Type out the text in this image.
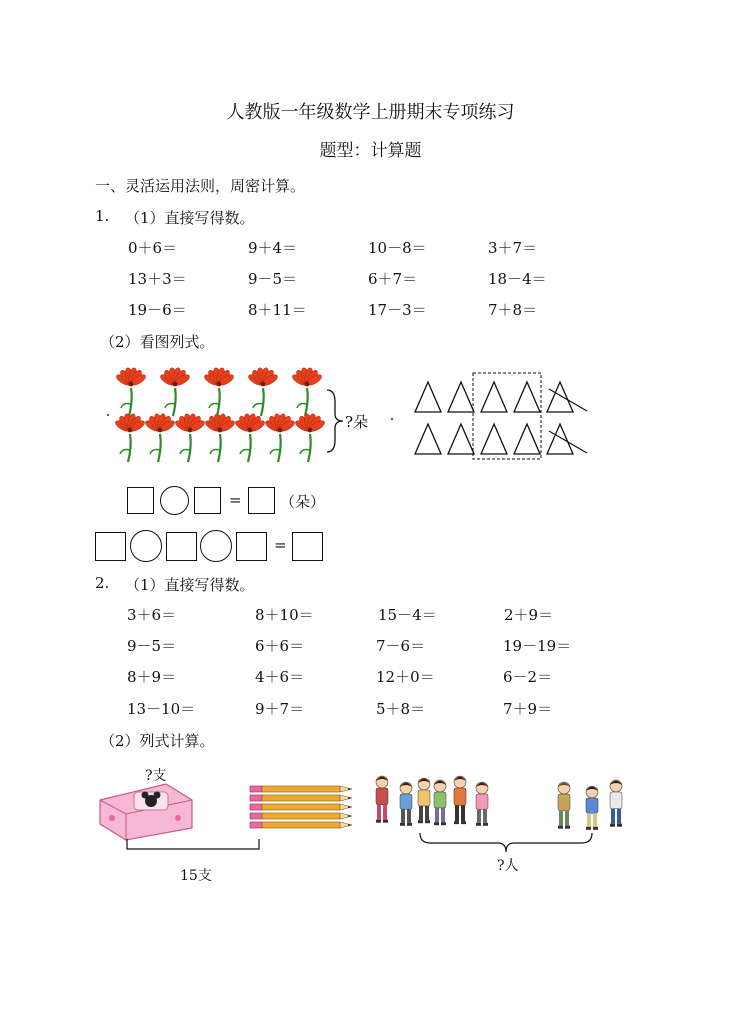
人教版一年级数学上册期末专项练习
题型：计算题
一、灵活运用法则，周密计算。
1. （1）直接写得数。
0＋6＝	9＋4＝	10－8＝	3＋7＝
13＋3＝	9－5＝	6＋7＝	18－4＝
19－6＝	8＋11＝	17－3＝	7＋8＝
（2）看图列式。
?朵
=	（朵）
=
2. （1）直接写得数。
3＋6＝	8＋10＝	15－4＝	2＋9＝
9－5＝	6＋6＝	7－6＝	19－19＝
8＋9＝	4＋6＝	12＋0＝	6－2＝
13－10＝	9＋7＝	5＋8＝	7＋9＝
（2）列式计算。
?支
15支
?人
